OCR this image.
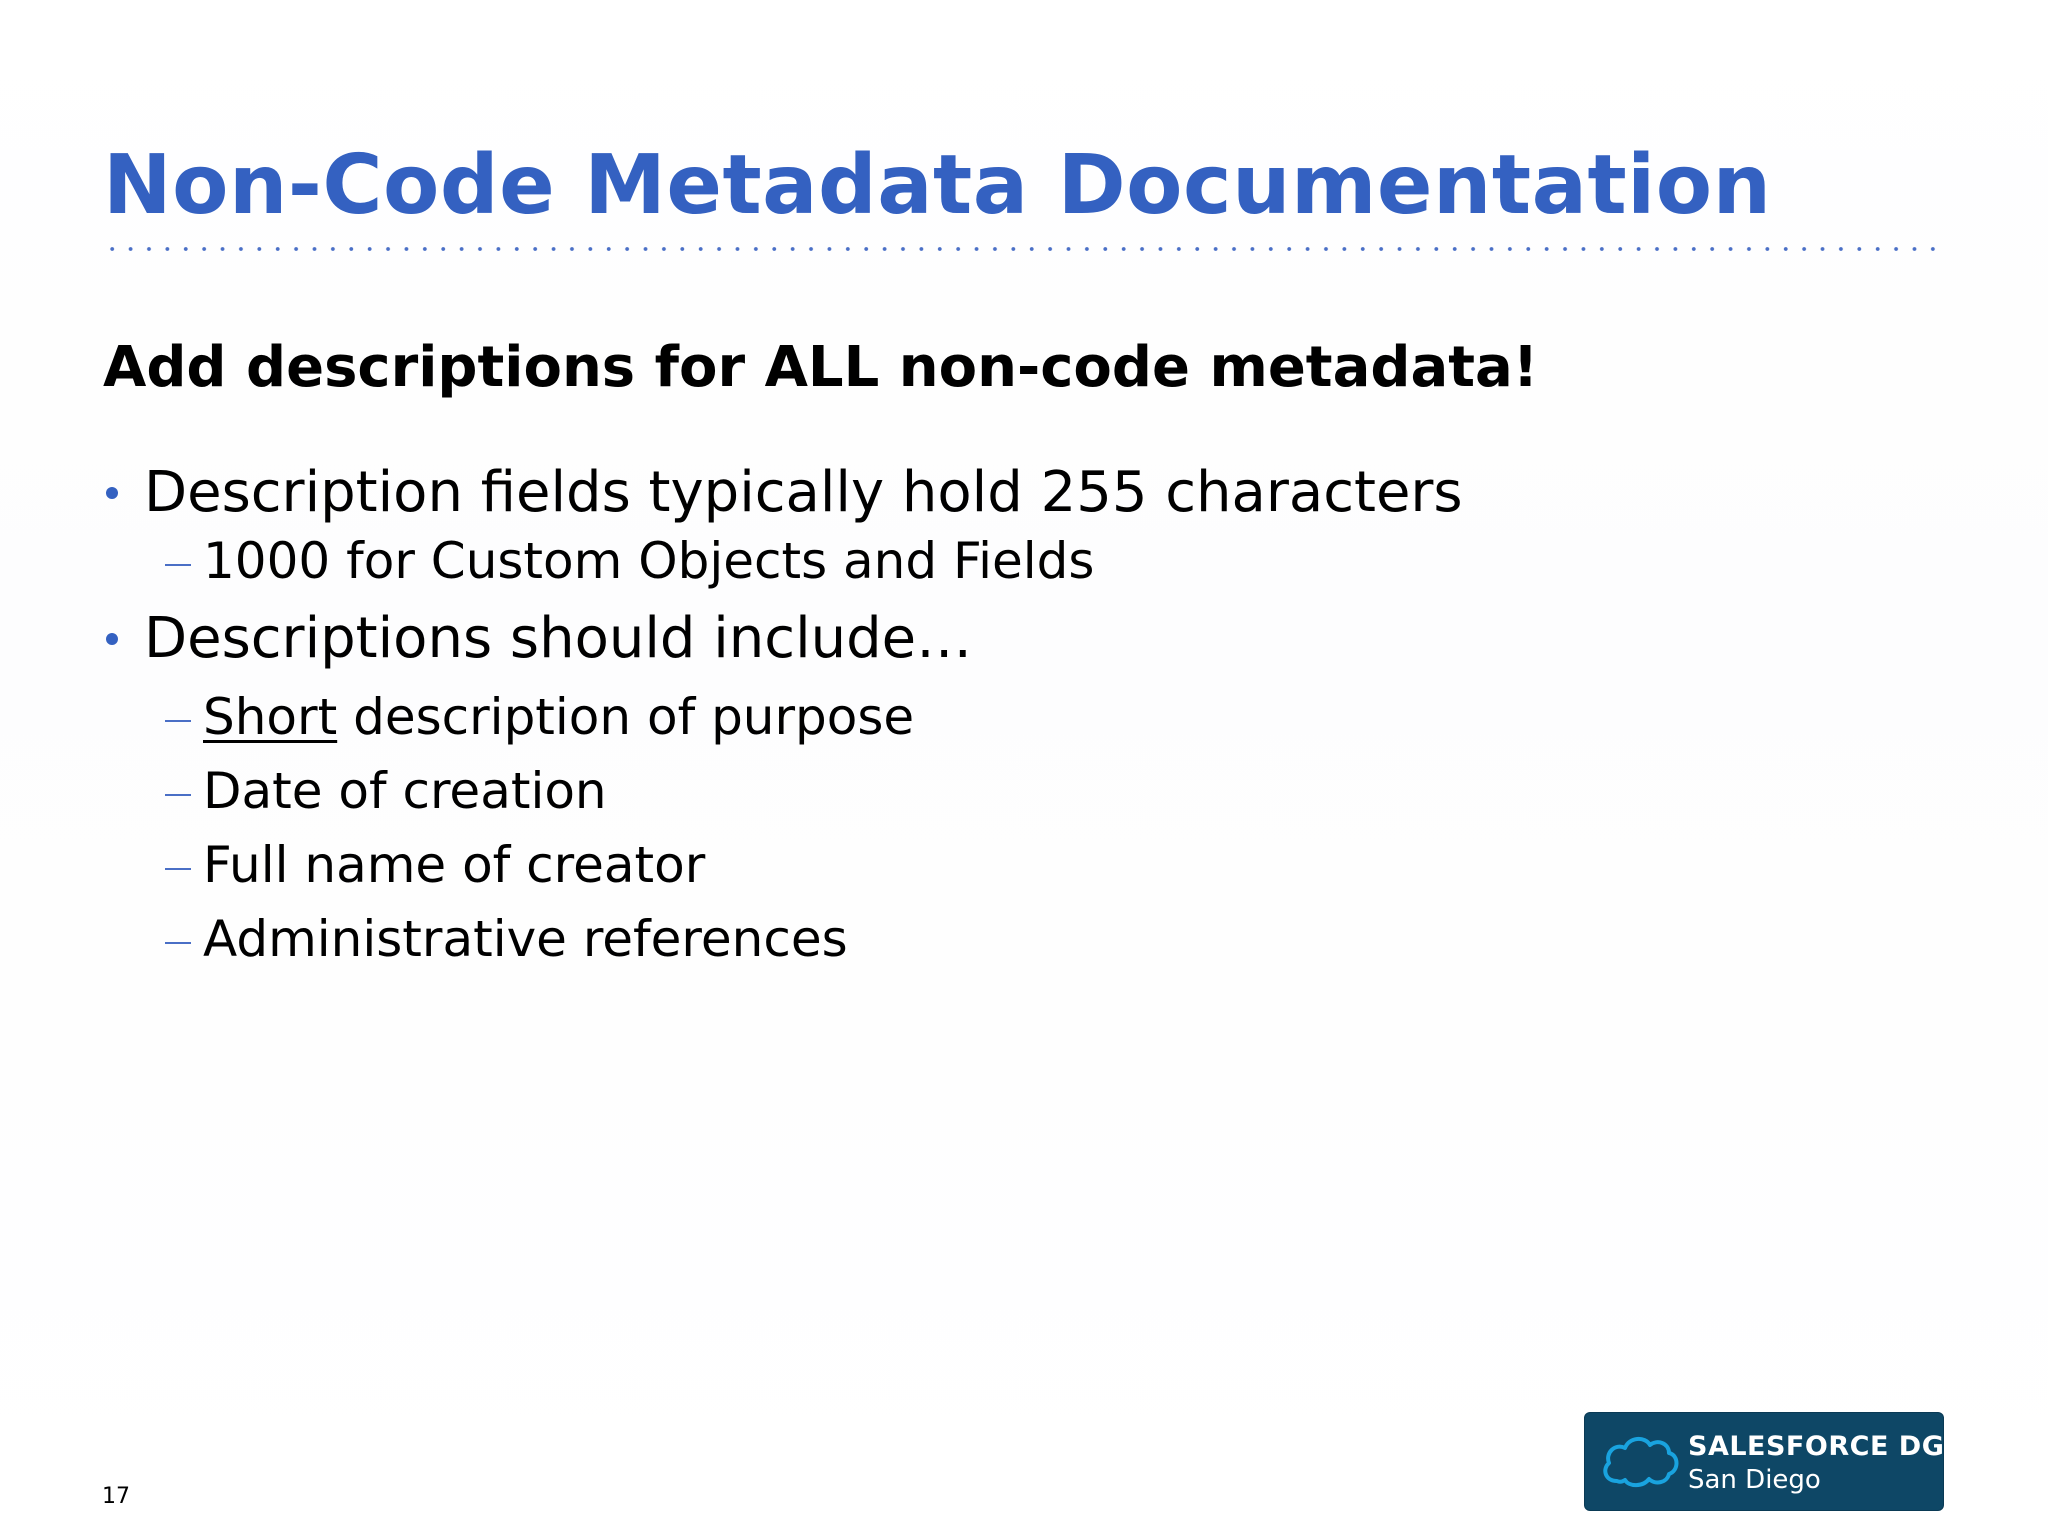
Non-Code Metadata Documentation
Add descriptions for ALL non-code metadata!
Description fields typically hold 255 characters
1000 for Custom Objects and Fields
Descriptions should include…
Short description of purpose
Date of creation
Full name of creator
Administrative references
17
SALESFORCE DG
San Diego
